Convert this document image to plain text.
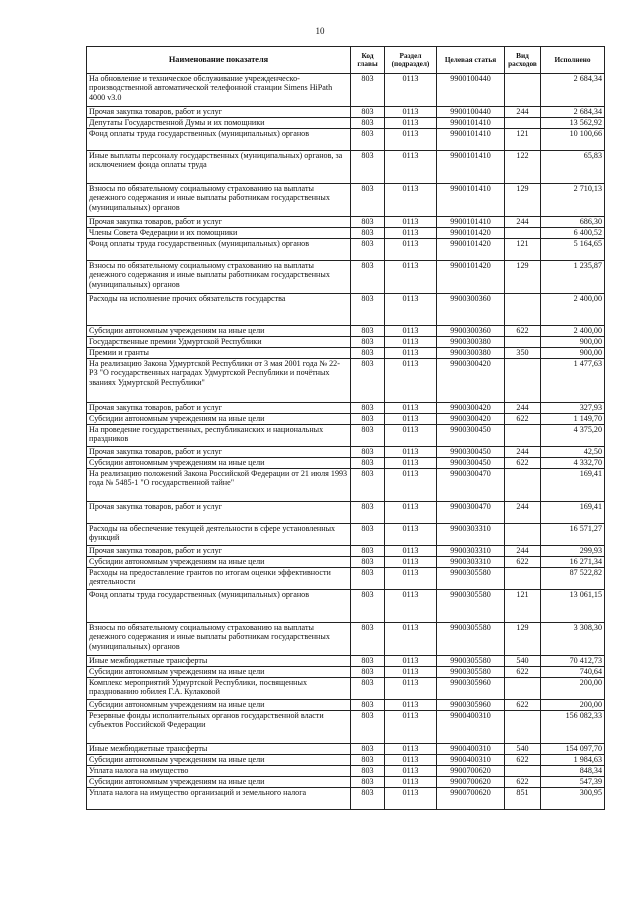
10
Наименование показателя	Код главы	Раздел (подраздел)	Целевая статья	Вид расходов	Исполнено
На обновление и техническое обслуживание учрежденческо-производственной автоматической телефонной станции Simens HiPath 4000 v3.0	803	0113	9900100440		2 684,34
Прочая закупка товаров, работ и услуг	803	0113	9900100440	244	2 684,34
Депутаты Государственной Думы и их помощники	803	0113	9900101410		13 562,92
Фонд оплаты труда государственных (муниципальных) органов	803	0113	9900101410	121	10 100,66
Иные выплаты персоналу государственных (муниципальных) органов, за исключением фонда оплаты труда	803	0113	9900101410	122	65,83
Взносы по обязательному социальному страхованию на выплаты денежного содержания и иные выплаты работникам государственных (муниципальных) органов	803	0113	9900101410	129	2 710,13
Прочая закупка товаров, работ и услуг	803	0113	9900101410	244	686,30
Члены Совета Федерации и их помощники	803	0113	9900101420		6 400,52
Фонд оплаты труда государственных (муниципальных) органов	803	0113	9900101420	121	5 164,65
Взносы по обязательному социальному страхованию на выплаты денежного содержания и иные выплаты работникам государственных (муниципальных) органов	803	0113	9900101420	129	1 235,87
Расходы на исполнение прочих обязательств государства	803	0113	9900300360		2 400,00
Субсидии автономным учреждениям на иные цели	803	0113	9900300360	622	2 400,00
Государственные премии Удмуртской Республики	803	0113	9900300380		900,00
Премии и гранты	803	0113	9900300380	350	900,00
На реализацию Закона Удмуртской Республики от 3 мая 2001 года № 22-РЗ "О государственных наградах Удмуртской Республики и почётных званиях Удмуртской Республики"	803	0113	9900300420		1 477,63
Прочая закупка товаров, работ и услуг	803	0113	9900300420	244	327,93
Субсидии автономным учреждениям на иные цели	803	0113	9900300420	622	1 149,70
На проведение государственных, республиканских и национальных праздников	803	0113	9900300450		4 375,20
Прочая закупка товаров, работ и услуг	803	0113	9900300450	244	42,50
Субсидии автономным учреждениям на иные цели	803	0113	9900300450	622	4 332,70
На реализацию положений Закона Российской Федерации от 21 июля 1993 года № 5485-1 "О государственной тайне"	803	0113	9900300470		169,41
Прочая закупка товаров, работ и услуг	803	0113	9900300470	244	169,41
Расходы на обеспечение текущей деятельности в сфере установленных функций	803	0113	9900303310		16 571,27
Прочая закупка товаров, работ и услуг	803	0113	9900303310	244	299,93
Субсидии автономным учреждениям на иные цели	803	0113	9900303310	622	16 271,34
Расходы на предоставление грантов по итогам оценки эффективности деятельности	803	0113	9900305580		87 522,82
Фонд оплаты труда государственных (муниципальных) органов	803	0113	9900305580	121	13 061,15
Взносы по обязательному социальному страхованию на выплаты денежного содержания и иные выплаты работникам государственных (муниципальных) органов	803	0113	9900305580	129	3 308,30
Иные межбюджетные трансферты	803	0113	9900305580	540	70 412,73
Субсидии автономным учреждениям на иные цели	803	0113	9900305580	622	740,64
Комплекс мероприятий Удмуртской Республики, посвященных празднованию юбилея Г.А. Кулаковой	803	0113	9900305960		200,00
Субсидии автономным учреждениям на иные цели	803	0113	9900305960	622	200,00
Резервные фонды исполнительных органов государственной власти субъектов Российской Федерации	803	0113	9900400310		156 082,33
Иные межбюджетные трансферты	803	0113	9900400310	540	154 097,70
Субсидии автономным учреждениям на иные цели	803	0113	9900400310	622	1 984,63
Уплата налога на имущество	803	0113	9900700620		848,34
Субсидии автономным учреждениям на иные цели	803	0113	9900700620	622	547,39
Уплата налога на имущество организаций и земельного налога	803	0113	9900700620	851	300,95
